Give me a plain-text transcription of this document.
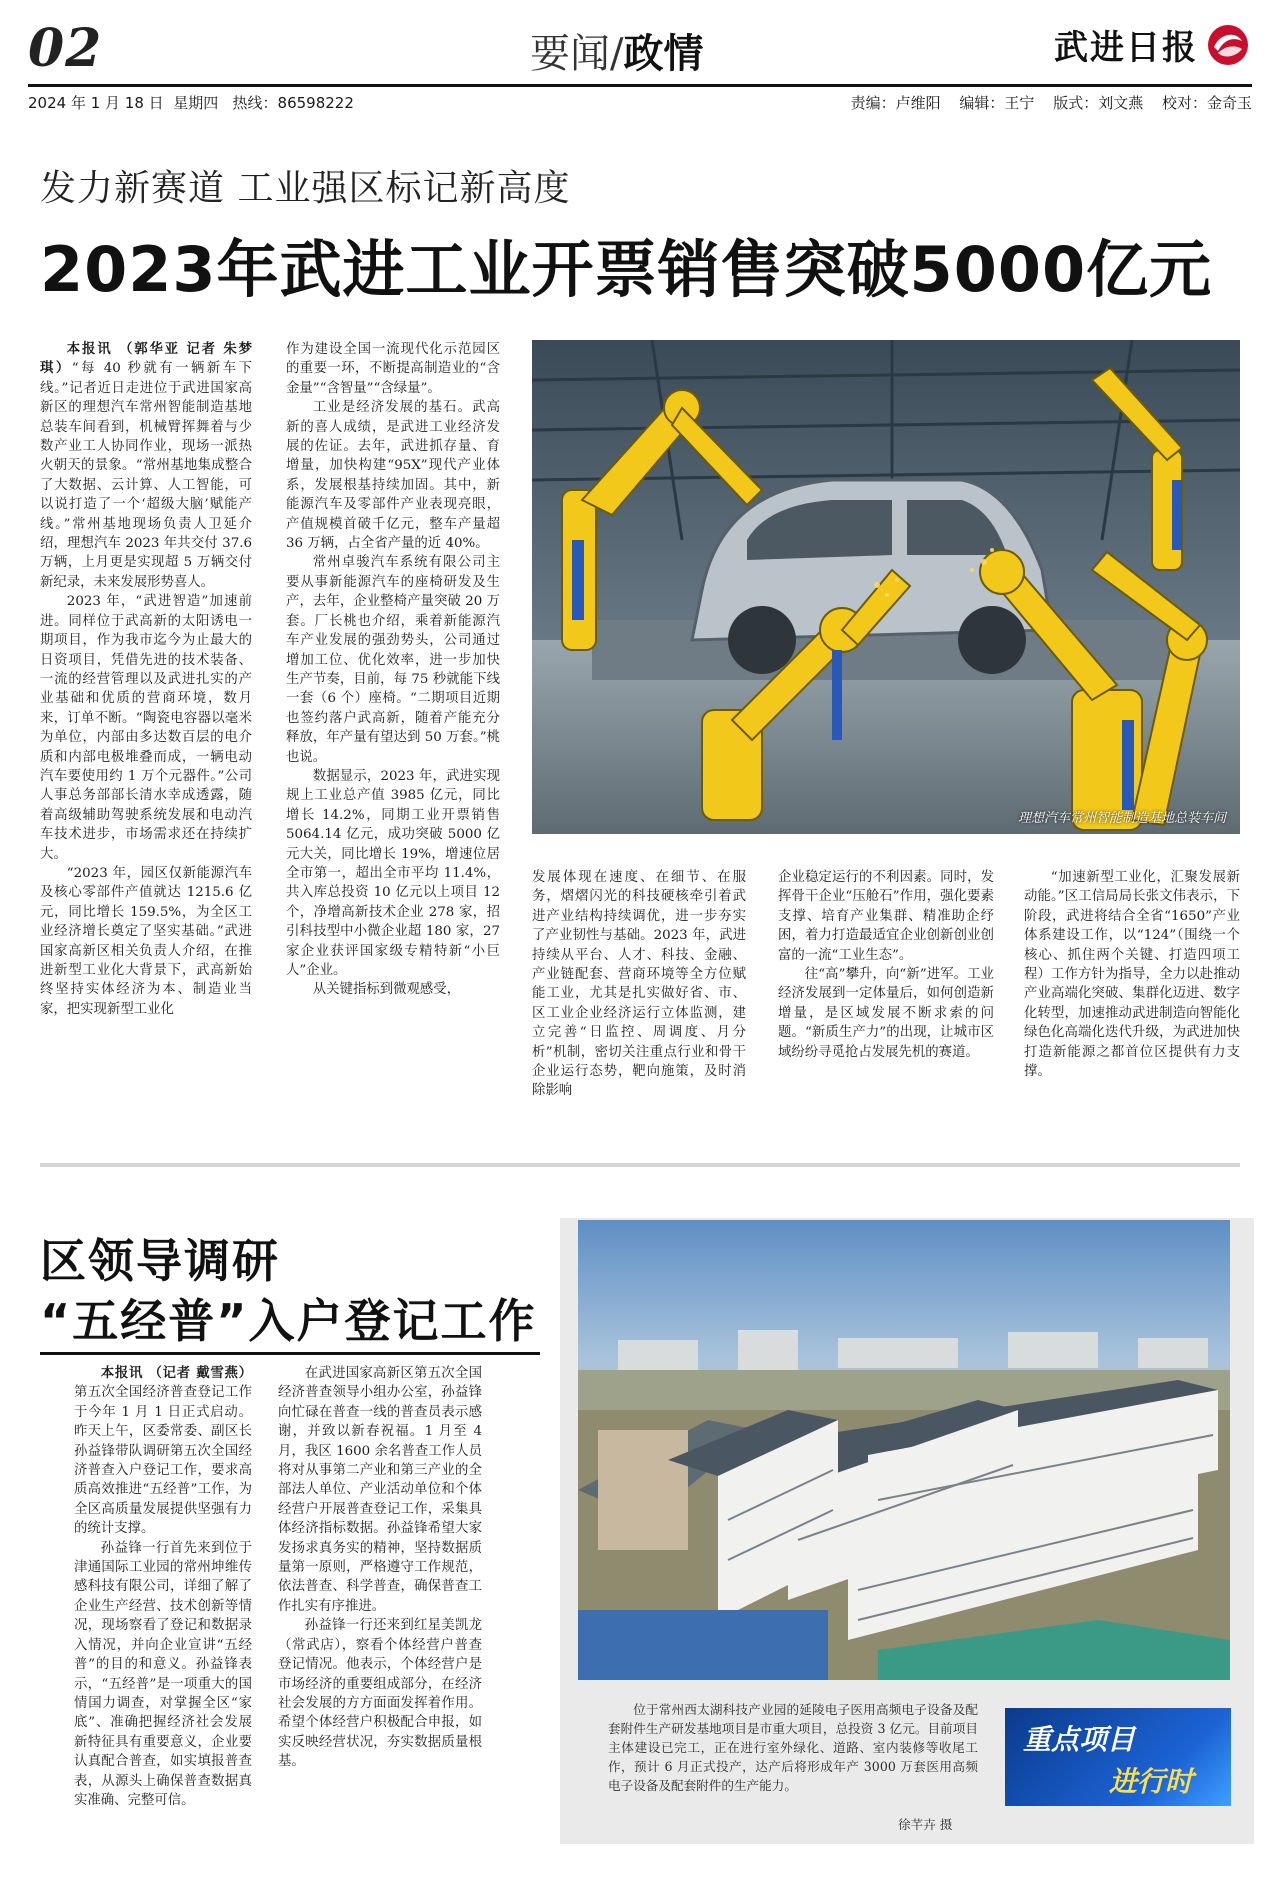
02	要闻/政情	武进日报
2024 年 1 月 18 日 星期四 热线：86598222	责编：卢维阳 编辑：王宁 版式：刘文燕 校对：金奇玉
发力新赛道 工业强区标记新高度
2023年武进工业开票销售突破5000亿元

本报讯 （郭华亚 记者 朱梦琪）“每 40 秒就有一辆新车下线。”记者近日走进位于武进国家高新区的理想汽车常州智能制造基地总装车间看到，机械臂挥舞着与少数产业工人协同作业，现场一派热火朝天的景象。“常州基地集成整合了大数据、云计算、人工智能，可以说打造了一个‘超级大脑’赋能产线。”常州基地现场负责人卫延介绍，理想汽车 2023 年共交付 37.6 万辆，上月更是实现超 5 万辆交付新纪录，未来发展形势喜人。

2023 年，“武进智造”加速前进。同样位于武高新的太阳诱电一期项目，作为我市迄今为止最大的日资项目，凭借先进的技术装备、一流的经营管理以及武进扎实的产业基础和优质的营商环境，数月来，订单不断。“陶瓷电容器以毫米为单位，内部由多达数百层的电介质和内部电极堆叠而成，一辆电动汽车要使用约 1 万个元器件。”公司人事总务部部长清水幸成透露，随着高级辅助驾驶系统发展和电动汽车技术进步，市场需求还在持续扩大。

“2023 年，园区仅新能源汽车及核心零部件产值就达 1215.6 亿元，同比增长 159.5%，为全区工业经济增长奠定了坚实基础。”武进国家高新区相关负责人介绍，在推进新型工业化大背景下，武高新始终坚持实体经济为本、制造业当家，把实现新型工业化

作为建设全国一流现代化示范园区的重要一环，不断提高制造业的“含金量”“含智量”“含绿量”。

工业是经济发展的基石。武高新的喜人成绩，是武进工业经济发展的佐证。去年，武进抓存量、育增量，加快构建“95X”现代产业体系，发展根基持续加固。其中，新能源汽车及零部件产业表现亮眼，产值规模首破千亿元，整车产量超 36 万辆，占全省产量的近 40%。

常州卓骏汽车系统有限公司主要从事新能源汽车的座椅研发及生产，去年，企业整椅产量突破 20 万套。厂长桃也介绍，乘着新能源汽车产业发展的强劲势头，公司通过增加工位、优化效率，进一步加快生产节奏，目前，每 75 秒就能下线一套（6 个）座椅。“二期项目近期也签约落户武高新，随着产能充分释放，年产量有望达到 50 万套。”桃也说。

数据显示，2023 年，武进实现规上工业总产值 3985 亿元，同比增长 14.2%，同期工业开票销售 5064.14 亿元，成功突破 5000 亿元大关，同比增长 19%，增速位居全市第一，超出全市平均 11.4%，共入库总投资 10 亿元以上项目 12 个，净增高新技术企业 278 家，招引科技型中小微企业超 180 家，27 家企业获评国家级专精特新“小巨人”企业。

从关键指标到微观感受，

理想汽车常州智能制造基地总装车间

发展体现在速度、在细节、在服务，熠熠闪光的科技硬核牵引着武进产业结构持续调优，进一步夯实了产业韧性与基础。2023 年，武进持续从平台、人才、科技、金融、产业链配套、营商环境等全方位赋能工业，尤其是扎实做好省、市、区工业企业经济运行立体监测，建立完善“日监控、周调度、月分析”机制，密切关注重点行业和骨干企业运行态势，靶向施策，及时消除影响

企业稳定运行的不利因素。同时，发挥骨干企业“压舱石”作用，强化要素支撑、培育产业集群、精准助企纾困，着力打造最适宜企业创新创业创富的一流“工业生态”。

往“高”攀升，向“新”进军。工业经济发展到一定体量后，如何创造新增量，是区域发展不断求索的问题。“新质生产力”的出现，让城市区域纷纷寻觅抢占发展先机的赛道。

“加速新型工业化，汇聚发展新动能。”区工信局局长张文伟表示，下阶段，武进将结合全省“1650”产业体系建设工作，以“124”（围绕一个核心、抓住两个关键、打造四项工程）工作方针为指导，全力以赴推动产业高端化突破、集群化迈进、数字化转型，加速推动武进制造向智能化绿色化高端化迭代升级，为武进加快打造新能源之都首位区提供有力支撑。

区领导调研
“五经普”入户登记工作

本报讯 （记者 戴雪燕）第五次全国经济普查登记工作于今年 1 月 1 日正式启动。昨天上午，区委常委、副区长孙益锋带队调研第五次全国经济普查入户登记工作，要求高质高效推进“五经普”工作，为全区高质量发展提供坚强有力的统计支撑。

孙益锋一行首先来到位于津通国际工业园的常州坤维传感科技有限公司，详细了解了企业生产经营、技术创新等情况，现场察看了登记和数据录入情况，并向企业宣讲“五经普”的目的和意义。孙益锋表示，“五经普”是一项重大的国情国力调查，对掌握全区“家底”、准确把握经济社会发展新特征具有重要意义，企业要认真配合普查，如实填报普查表，从源头上确保普查数据真实准确、完整可信。

在武进国家高新区第五次全国经济普查领导小组办公室，孙益锋向忙碌在普查一线的普查员表示感谢，并致以新春祝福。1 月至 4 月，我区 1600 余名普查工作人员将对从事第二产业和第三产业的全部法人单位、产业活动单位和个体经营户开展普查登记工作，采集具体经济指标数据。孙益锋希望大家发扬求真务实的精神，坚持数据质量第一原则，严格遵守工作规范，依法普查、科学普查，确保普查工作扎实有序推进。

孙益锋一行还来到红星美凯龙（常武店），察看个体经营户普查登记情况。他表示，个体经营户是市场经济的重要组成部分，在经济社会发展的方方面面发挥着作用。希望个体经营户积极配合申报，如实反映经营状况，夯实数据质量根基。

位于常州西太湖科技产业园的延陵电子医用高频电子设备及配套附件生产研发基地项目是市重大项目，总投资 3 亿元。目前项目主体建设已完工，正在进行室外绿化、道路、室内装修等收尾工作，预计 6 月正式投产，达产后将形成年产 3000 万套医用高频电子设备及配套附件的生产能力。
徐芊卉 摄
重点项目
进行时
